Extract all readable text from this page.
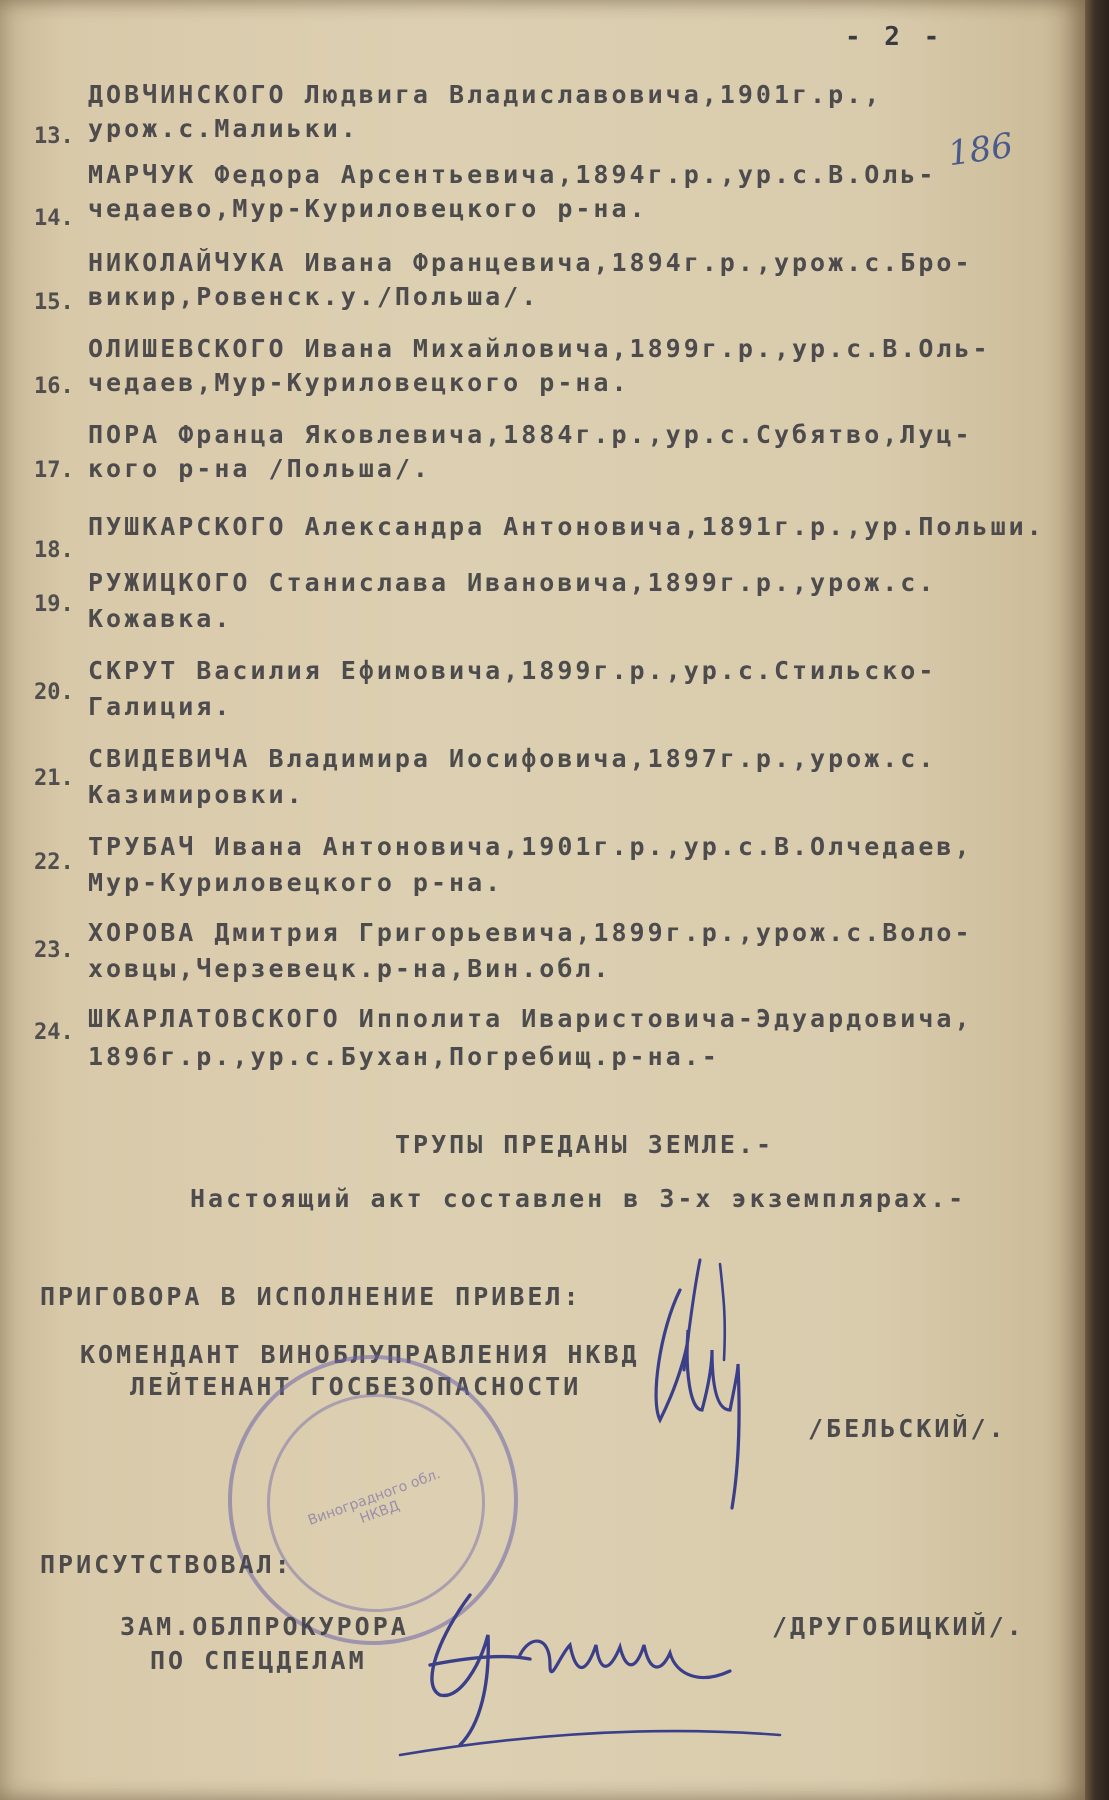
- 2 -
186
13.
ДОВЧИНСКОГО Людвига Владиславовича,1901г.р.,
урож.с.Малиьки.
14.
МАРЧУК Федора Арсентьевича,1894г.р.,ур.с.В.Оль-
чедаево,Мур-Куриловецкого р-на.
15.
НИКОЛАЙЧУКА Ивана Францевича,1894г.р.,урож.с.Бро-
викир,Ровенск.у./Польша/.
16.
ОЛИШЕВСКОГО Ивана Михайловича,1899г.р.,ур.с.В.Оль-
чедаев,Мур-Куриловецкого р-на.
17.
ПОРА Франца Яковлевича,1884г.р.,ур.с.Субятво,Луц-
кого р-на /Польша/.
18.
ПУШКАРСКОГО Александра Антоновича,1891г.р.,ур.Польши.
19.
РУЖИЦКОГО Станислава Ивановича,1899г.р.,урож.с.
Кожавка.
20.
СКРУТ Василия Ефимовича,1899г.р.,ур.с.Стильско-
Галиция.
21.
СВИДЕВИЧА Владимира Иосифовича,1897г.р.,урож.с.
Казимировки.
22.
ТРУБАЧ Ивана Антоновича,1901г.р.,ур.с.В.Олчедаев,
Мур-Куриловецкого р-на.
23.
ХОРОВА Дмитрия Григорьевича,1899г.р.,урож.с.Воло-
ховцы,Черзевецк.р-на,Вин.обл.
24. ШКАРЛАТОВСКОГО Ипполита Иваристовича-Эдуардовича,
1896г.р.,ур.с.Бухан,Погребищ.р-на.-
ТРУПЫ ПРЕДАНЫ ЗЕМЛЕ.-
Настоящий акт составлен в 3-х экземплярах.-
ПРИГОВОРА В ИСПОЛНЕНИЕ ПРИВЕЛ:
КОМЕНДАНТ ВИНОБЛУПРАВЛЕНИЯ НКВД
ЛЕЙТЕНАНТ ГОСБЕЗОПАСНОСТИ
/БЕЛЬСКИЙ/.
Виноградного обл. НКВД
ПРИСУТСТВОВАЛ:
ЗАМ.ОБЛПРОКУРОРА
ПО СПЕЦДЕЛАМ
/ДРУГОБИЦКИЙ/.
